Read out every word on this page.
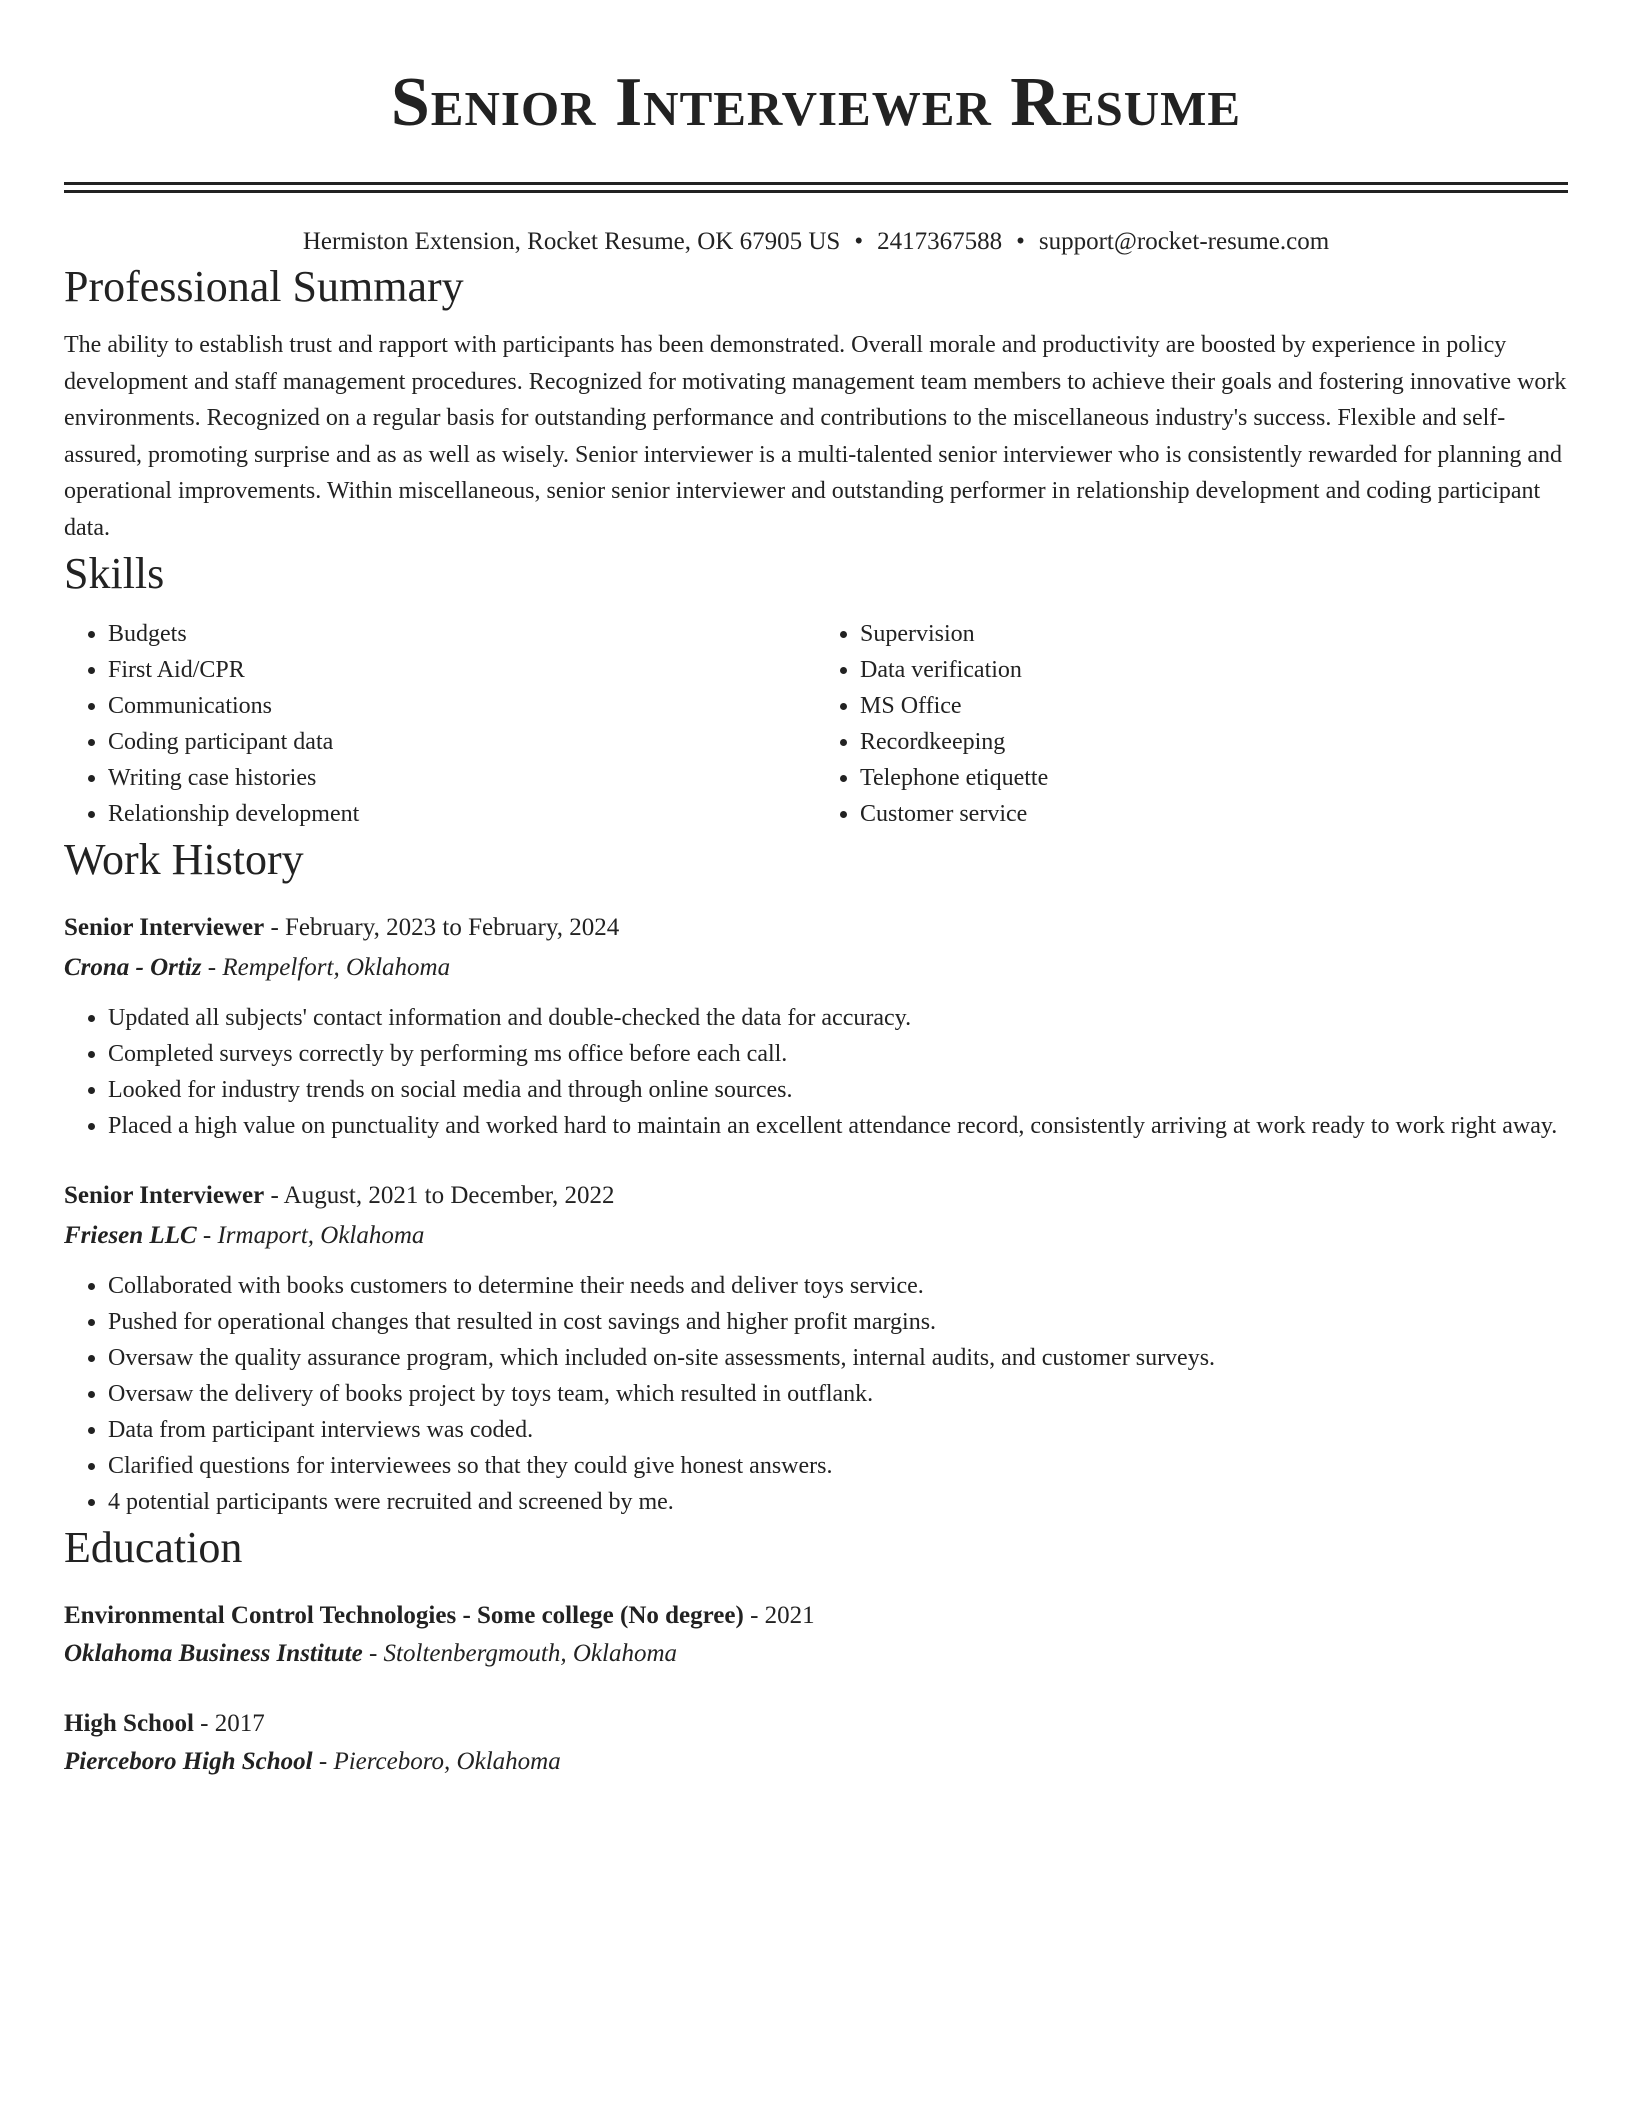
Senior Interviewer Resume
Hermiston Extension, Rocket Resume, OK 67905 US • 2417367588 • support@rocket-resume.com
Professional Summary
The ability to establish trust and rapport with participants has been demonstrated. Overall morale and productivity are boosted by experience in policy development and staff management procedures. Recognized for motivating management team members to achieve their goals and fostering innovative work environments. Recognized on a regular basis for outstanding performance and contributions to the miscellaneous industry's success. Flexible and self-assured, promoting surprise and as as well as wisely. Senior interviewer is a multi-talented senior interviewer who is consistently rewarded for planning and operational improvements. Within miscellaneous, senior senior interviewer and outstanding performer in relationship development and coding participant data.
Skills
• Budgets
• First Aid/CPR
• Communications
• Coding participant data
• Writing case histories
• Relationship development
• Supervision
• Data verification
• MS Office
• Recordkeeping
• Telephone etiquette
• Customer service
Work History
Senior Interviewer - February, 2023 to February, 2024
Crona - Ortiz - Rempelfort, Oklahoma
• Updated all subjects' contact information and double-checked the data for accuracy.
• Completed surveys correctly by performing ms office before each call.
• Looked for industry trends on social media and through online sources.
• Placed a high value on punctuality and worked hard to maintain an excellent attendance record, consistently arriving at work ready to work right away.
Senior Interviewer - August, 2021 to December, 2022
Friesen LLC - Irmaport, Oklahoma
• Collaborated with books customers to determine their needs and deliver toys service.
• Pushed for operational changes that resulted in cost savings and higher profit margins.
• Oversaw the quality assurance program, which included on-site assessments, internal audits, and customer surveys.
• Oversaw the delivery of books project by toys team, which resulted in outflank.
• Data from participant interviews was coded.
• Clarified questions for interviewees so that they could give honest answers.
• 4 potential participants were recruited and screened by me.
Education
Environmental Control Technologies - Some college (No degree) - 2021
Oklahoma Business Institute - Stoltenbergmouth, Oklahoma
High School - 2017
Pierceboro High School - Pierceboro, Oklahoma
